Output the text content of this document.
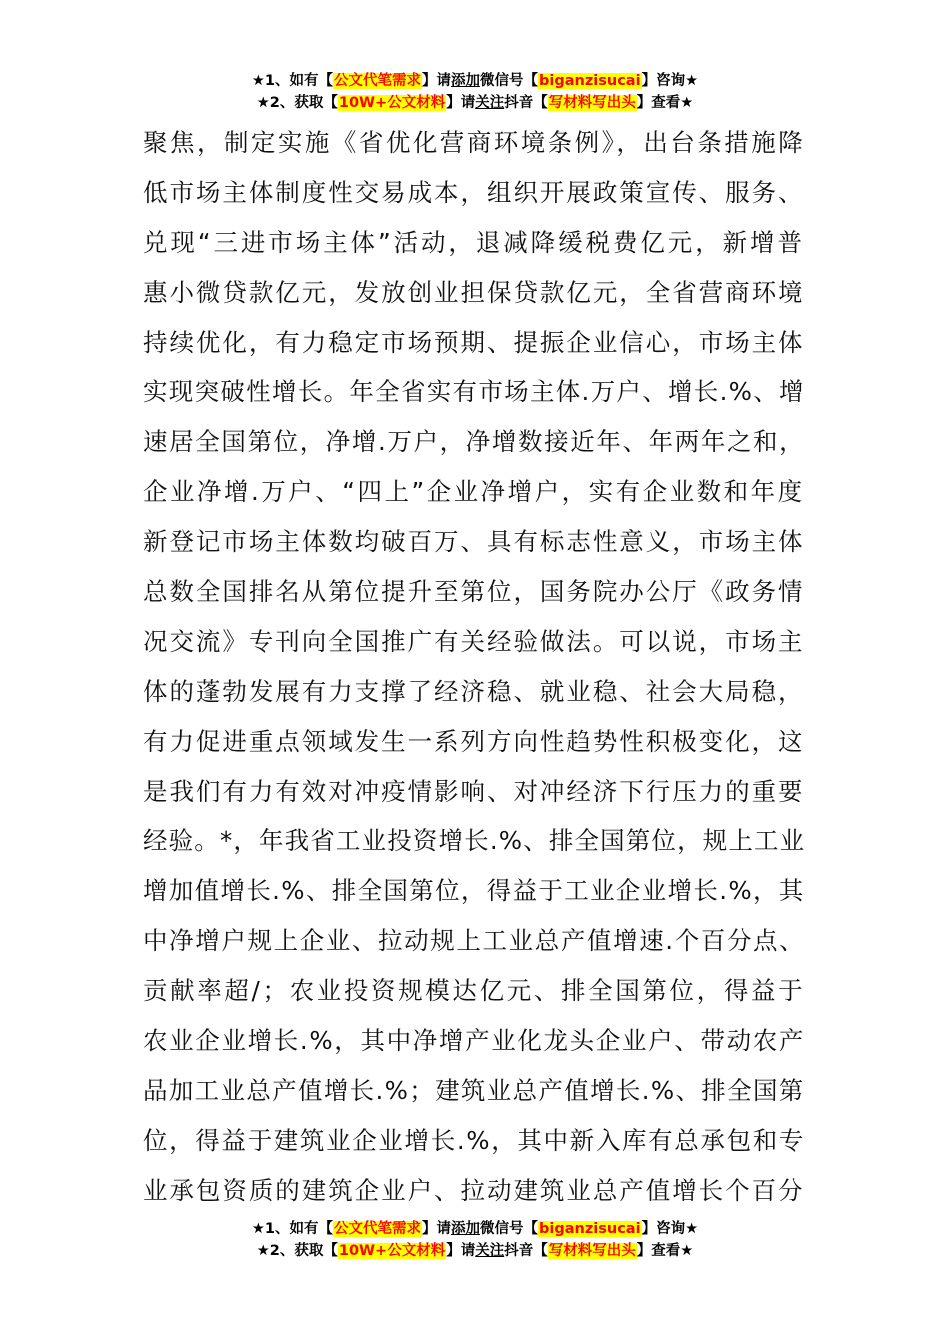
★1、如有【公文代笔需求】请添加微信号【biganzisucai】咨询★
★2、获取【10W+公文材料】请关注抖音【写材料写出头】查看★
聚焦，制定实施《省优化营商环境条例》，出台条措施降
低市场主体制度性交易成本，组织开展政策宣传、服务、
兑现“三进市场主体”活动，退减降缓税费亿元，新增普
惠小微贷款亿元，发放创业担保贷款亿元，全省营商环境
持续优化，有力稳定市场预期、提振企业信心，市场主体
实现突破性增长。年全省实有市场主体.万户、增长.%、增
速居全国第位，净增.万户，净增数接近年、年两年之和，
企业净增.万户、“四上”企业净增户，实有企业数和年度
新登记市场主体数均破百万、具有标志性意义，市场主体
总数全国排名从第位提升至第位，国务院办公厅《政务情
况交流》专刊向全国推广有关经验做法。可以说，市场主
体的蓬勃发展有力支撑了经济稳、就业稳、社会大局稳，
有力促进重点领域发生一系列方向性趋势性积极变化，这
是我们有力有效对冲疫情影响、对冲经济下行压力的重要
经验。*，年我省工业投资增长.%、排全国第位，规上工业
增加值增长.%、排全国第位，得益于工业企业增长.%，其
中净增户规上企业、拉动规上工业总产值增速.个百分点、
贡献率超/；农业投资规模达亿元、排全国第位，得益于
农业企业增长.%，其中净增产业化龙头企业户、带动农产
品加工业总产值增长.%；建筑业总产值增长.%、排全国第
位，得益于建筑业企业增长.%，其中新入库有总承包和专
业承包资质的建筑企业户、拉动建筑业总产值增长个百分
★1、如有【公文代笔需求】请添加微信号【biganzisucai】咨询★
★2、获取【10W+公文材料】请关注抖音【写材料写出头】查看★
